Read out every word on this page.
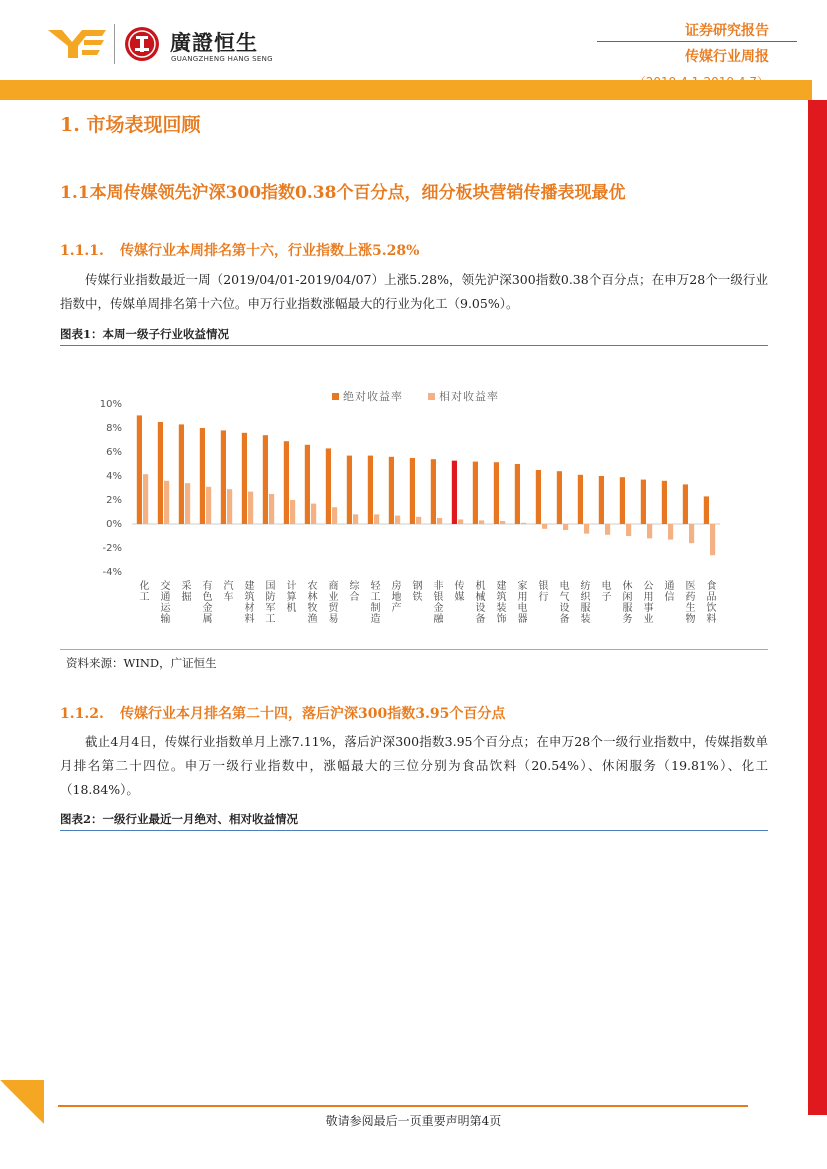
廣證恒生
GUANGZHENG HANG SENG
证券研究报告
传媒行业周报
1. 市场表现回顾
1.1本周传媒领先沪深300指数0.38个百分点，细分板块营销传播表现最优
1.1.1. 传媒行业本周排名第十六，行业指数上涨5.28%
传媒行业指数最近一周（2019/04/01-2019/04/07）上涨5.28%，领先沪深300指数0.38个百分点；在申万28个一级行业指数中，传媒单周排名第十六位。申万行业指数涨幅最大的行业为化工（9.05%）。
图表1：本周一级子行业收益情况
10%
8%
6%
4%
2%
0%
-2%
-4%
化工 交通运输 采掘 有色金属 汽车 建筑材料 国防军工 计算机 农林牧渔 商业贸易 综合 轻工制造 房地产 钢铁 非银金融 传媒 机械设备 建筑装饰 家用电器 银行 电气设备 纺织服装 电子 休闲服务 公用事业 通信 医药生物 食品饮料
绝对收益率	相对收益率
资料来源：WIND，广证恒生
1.1.2. 传媒行业本月排名第二十四，落后沪深300指数3.95个百分点
截止4月4日，传媒行业指数单月上涨7.11%，落后沪深300指数3.95个百分点；在申万28个一级行业指数中，传媒指数单月排名第二十四位。申万一级行业指数中，涨幅最大的三位分别为食品饮料（20.54%）、休闲服务（19.81%）、化工（18.84%）。
图表2：一级行业最近一月绝对、相对收益情况
敬请参阅最后一页重要声明第4页
